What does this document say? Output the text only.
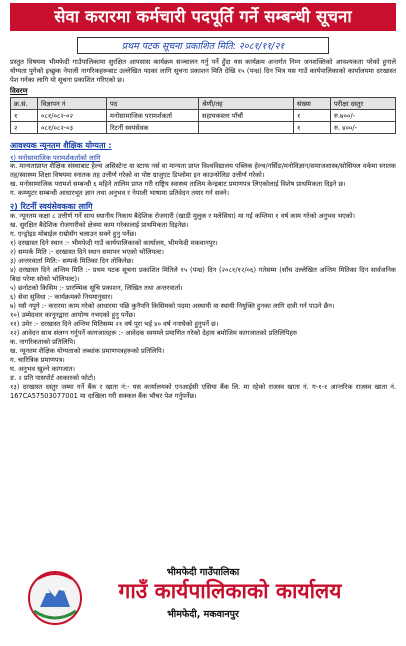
सेवा करारमा कर्मचारी पदपूर्ति गर्ने सम्बन्धी सूचना
प्रथम पटक सूचना प्रकाशित मिति: २०८१/११/२१
प्रस्तुत विषयमा भीमफेदी गाउँपालिकामा सुरक्षित आपसास कार्यक्रम सञ्चालन गर्नु पर्ने हुँदा यस कार्यक्रम अन्तर्गत निम्न जनशक्तिको आवश्यकता परेको हुनाले योग्यता पुगेको इच्छुक नेपाली नागरिकहरूबाट उल्लेखित पदका लागि सूचना प्रकाशन मिति देखि १५ (पन्ध्र) दिन भित्र यस गाउँ कार्यपालिकाको कार्यालयमा दरखास्त पेश गर्नका लागि यो सूचना प्रकाशित गरिएको छ।
विवरण
क्र.सं.	विज्ञापन नं	पद	श्रेणी/तह	संख्या	परीक्षा दस्तुर
१	०८१/०८२-०२	मनोसामाजिक परामर्शकर्ता	सहायकस्तर पाँचौं	१	रु.७००/-
२	०८१/०८२-०३	रिटर्नी स्वयंसेवक		१	रु. ४००/-
आवश्यक न्यूनतम शैक्षिक योग्यता :
१) मनोसामाजिक परामर्शकर्ताको लागि
क. मान्यताप्राप्त शैक्षिक संस्थाबाट हेल्थ असिस्टेन्ट वा स्टाफ नर्स वा मान्यता प्राप्त विश्वविद्यालय पब्लिक हेल्थ/नर्सिङ/मनोविज्ञान/समाजशास्त्र/सोसियल वर्कमा स्नातक तह/स्वास्थ्य शिक्षा विषयमा स्नातक तह उत्तीर्ण गरेको वा पोष्ट ग्राजुएट डिप्लोमा इन काउन्सेलिङ उत्तीर्ण गरेको।
ख. मनोसामाजिक परामर्श सम्बन्धी ६ महिने तालिम प्राप्त गरी राष्ट्रिय स्वास्थ्य तालिम केन्द्रबाट प्रमाणपत्र लिएकोलाई विशेष प्राथमिकता दिइने छ।
ग. कम्प्युटर सम्बन्धी आधारभूत ज्ञान तथा अनुभव र नेपाली भाषामा प्रतिवेदन तयार गर्न सक्ने।
२) रिटर्नी स्वयंसेवकका लागि
क. न्यूनतम कक्षा ८ उत्तीर्ण गर्ने साथ स्थानीय निकाय बैदेशिक रोजगारी (खाडी मुलुक र मलेसिया) मा गई कम्तिमा १ वर्ष काम गरेको अनुभव भएको।
ख. सुरक्षित बैदेशिक रोजगारीको क्षेत्रमा काम गरेकालाई प्राथमिकता दिइनेछ।
ग. एन्ड्रोइड मोबाईल राम्रोसँग चलाउन सक्ने हुनु पर्नेछ।
१) दरखास्त दिने स्थान :- भीमफेदी गाउँ कार्यपालिकाको कार्यालय, भीमफेदी मकवानपुर।
२) सम्पर्क मिति :- दरखास्त दिने स्थान समापन भएको भोलिपल्ट।
३) अन्तरवार्ता मिति:- सम्पर्क मितिका दिन तोकिनेछ।
४) दरखास्त दिने अन्तिम मिति :- प्रथम पटक सूचना प्रकाशित मितिले १५ (पन्ध्र) दिन (२०८१/१२/०६) गतेसम्म (साँच उल्लेखित अन्तिम मितिका दिन सार्वजनिक बिदा परेमा सोको भोलिपल्ट)।
५) छनोटको किसिम :- प्रारम्भिक सूचि प्रकाशन, लिखित तथा अन्तरवार्ता।
६) सेवा सुविधा :- कार्यक्रमको नियमानुसार।
७) यसै नपुगे :- करारमा काम गरेको आधारमा पछि कुनैपनि किसिमको पदमा अस्थायी वा स्थायी नियुक्ति हुनका लागि दावी गर्न पाउने छैन।
१०) उम्मेदवार कानूनद्वारा आयोग्य नभएको हुनु पर्नेछ।
११) उमेर :- दरखास्त दिने अन्तिम मितिसम्म २१ वर्ष पूरा भई ४० वर्ष ननाघेको हुनुपर्ने छ।
१२) आवेदन साथ संलग्न गर्नुपर्ने कागजातहरू :- आवेदक स्वयम्ले प्रमाणित गरेको देहाय बमोजिम कागजातको प्रतिलिपिहरु
क. नागरिकताको प्रतिलिपि।
ख. न्यूनतम शैक्षिक योग्यताको लब्धांक प्रमाणपत्रहरूको प्रतिलिपि।
ग. चारित्रिक प्रमाणपत्र।
घ. अनुभव खुल्ने कागजात।
ङ. २ प्रति पासपोर्ट आकारको फोटो।
१३) दरखास्त दस्तुर जम्मा गर्ने बैंक र खाता नं:- यस कार्यालयको एनआईसी एसिया बैंक लि. मा रहेको राजस्व खाता नं. ग-१-१ आन्तरिक राजस्व खाता नं. 167CA57503077001 मा दाखिला गरी सक्कल बैंक भौचर पेश गर्नुपर्नेछ।
भीमफेदी गाउँपालिका
गाउँ कार्यपालिकाको कार्यालय
भीमफेदी, मकवानपुर
